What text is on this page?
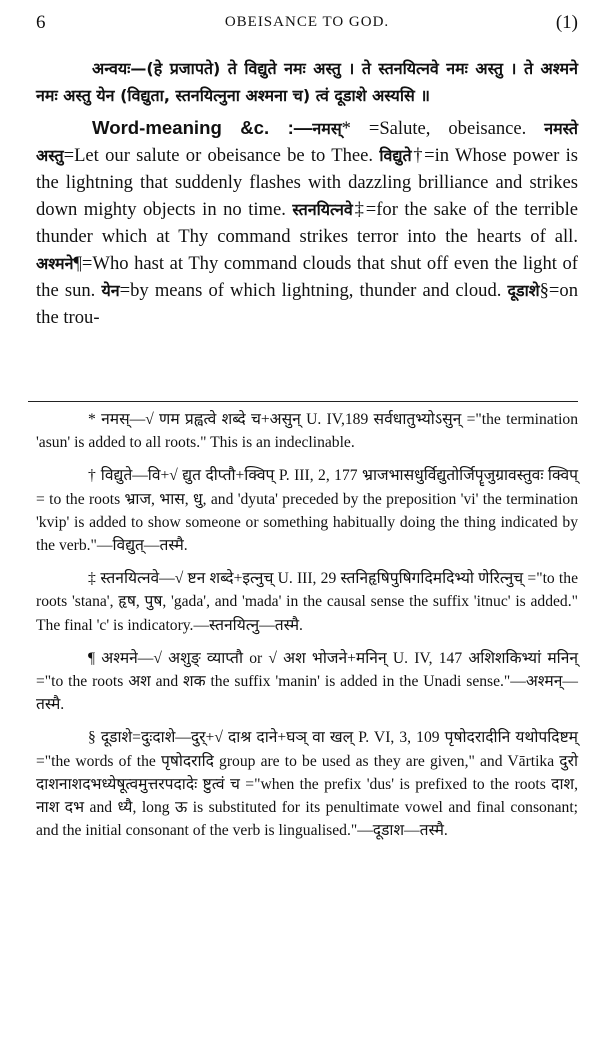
6	OBEISANCE TO GOD.	(1)

अन्वयः—(हे प्रजापते) ते विद्युते नमः अस्तु । ते स्तनयित्नवे नमः अस्तु । ते अश्मने नमः अस्तु येन (विद्युता, स्तनयित्नुना अश्मना च) त्वं दूडाशे अस्यसि ॥

Word-meaning &c. :—नमस्* =Salute, obeisance. नमस्ते अस्तु=Let our salute or obeisance be to Thee. विद्युते†=in Whose power is the lightning that suddenly flashes with dazzling brilliance and strikes down mighty objects in no time. स्तनयित्नवे‡=for the sake of the terrible thunder which at Thy command strikes terror into the hearts of all. अश्मने¶=Who hast at Thy command clouds that shut off even the light of the sun. येन=by means of which lightning, thunder and cloud. दूडाशे§=on the trou-

* नमस्—√ णम प्रह्वत्वे शब्दे च+असुन् U. IV,189 सर्वधातुभ्योऽसुन् ="the termination 'asun' is added to all roots." This is an indeclinable.

† विद्युते—वि+√ द्युत दीप्तौ+क्विप् P. III, 2, 177 भ्राजभासधुर्विद्युतोर्जिपॄजुग्रावस्तुवः क्विप् = to the roots भ्राज, भास, धु, and 'dyuta' preceded by the preposition 'vi' the termination 'kvip' is added to show someone or something habitually doing the thing indicated by the verb."—विद्युत्—तस्मै.

‡ स्तनयित्नवे—√ ष्टन शब्दे+इत्नुच् U. III, 29 स्तनिहृषिपुषिगदिमदिभ्यो णेरित्नुच् ="to the roots 'stana', हृष, पुष, 'gada', and 'mada' in the causal sense the suffix 'itnuc' is added." The final 'c' is indicatory.—स्तनयित्नु—तस्मै.

¶ अश्मने—√ अशुङ् व्याप्तौ or √ अश भोजने+मनिन् U. IV, 147 अशिशकिभ्यां मनिन् ="to the roots अश and शक the suffix 'manin' is added in the Unadi sense."—अश्मन्—तस्मै.

§ दूडाशे=दुःदाशे—दुर्+√ दाश्र दाने+घञ् वा खल् P. VI, 3, 109 पृषोदरादीनि यथोपदिष्टम् ="the words of the पृषोदरादि group are to be used as they are given," and Vārtika दुरो दाशनाशदभध्येषूत्वमुत्तरपदादेः ष्टुत्वं च ="when the prefix 'dus' is prefixed to the roots दाश, नाश दभ and ध्यै, long ऊ is substituted for its penultimate vowel and final consonant; and the initial consonant of the verb is lingualised."—दूडाश—तस्मै.
